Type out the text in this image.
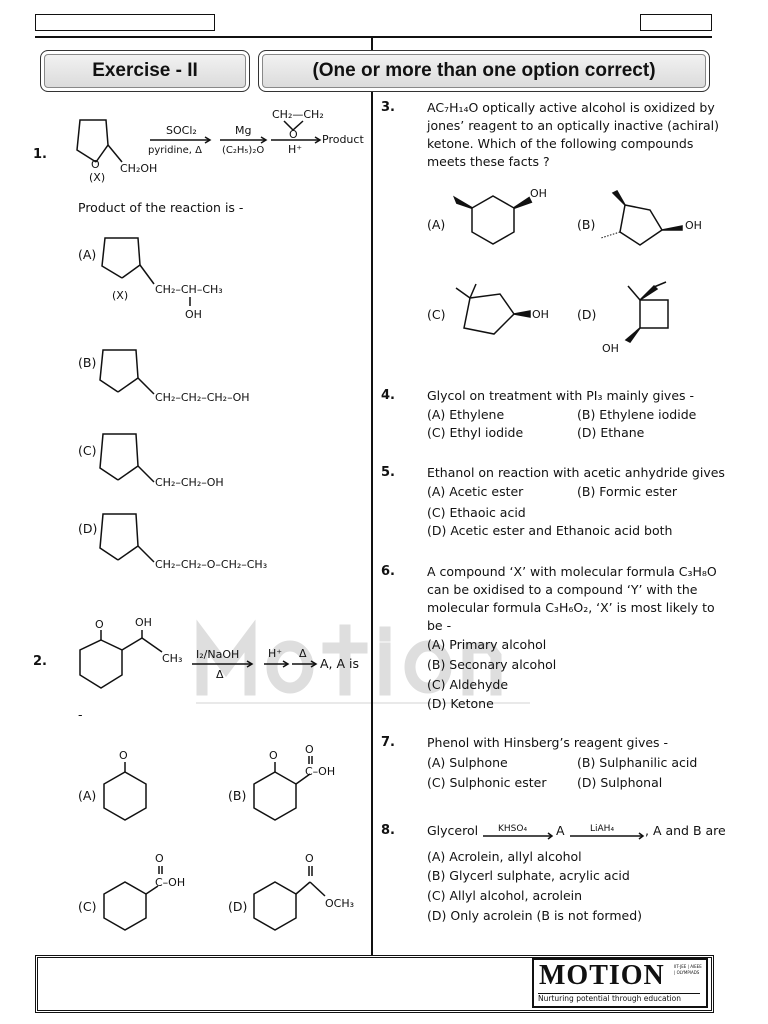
Exercise - II	(One or more than one option correct)
1.
O
(X)
CH₂OH
SOCl₂
pyridine, Δ
Mg
(C₂H₅)₂O
CH₂—CH₂
O
H⁺
Product
Product of the reaction is -
(A)
(B)
(C)
(D)
(X) CH₂–CH–CH₃
OH
CH₂–CH₂–CH₂–OH
CH₂–CH₂–OH
CH₂–CH₂–O–CH₂–CH₃
2.
O	OH
CH₃ I₂/NaOH
Δ
H⁺ Δ
A, A is
-
(A)	(B)
(C)	(D)
O	O O
C–OH
O
C–OH
O
OCH₃
3.	AC₇H₁₄O optically active alcohol is oxidized by
jones’ reagent to an optically inactive (achiral)
ketone. Which of the following compounds
meets these facts ?
(A)	(B)
(C)	(D)
OH
OH
OH
OH
4.	Glycol on treatment with PI₃ mainly gives -
(A) Ethylene	(B) Ethylene iodide
(C) Ethyl iodide	(D) Ethane
5.	Ethanol on reaction with acetic anhydride gives
(A) Acetic ester	(B) Formic ester
(C) Ethaoic acid
(D) Acetic ester and Ethanoic acid both
6.	A compound ‘X’ with molecular formula C₃H₈O
can be oxidised to a compound ‘Y’ with the
molecular formula C₃H₆O₂, ‘X’ is most likely to
be -
(A) Primary alcohol
(B) Seconary alcohol
(C) Aldehyde
(D) Ketone
7.	Phenol with Hinsberg’s reagent gives -
(A) Sulphone	(B) Sulphanilic acid
(C) Sulphonic ester (D) Sulphonal
8.	Glycerol KHSO₄	LiAH₄
A	, A and B are
(A) Acrolein, allyl alcohol
(B) Glycerl sulphate, acrylic acid
(C) Allyl alcohol, acrolein
(D) Only acrolein (B is not formed)
MOTION IIT-JEE | AIEEE | OLYMPIADS
Nurturing potential through education
